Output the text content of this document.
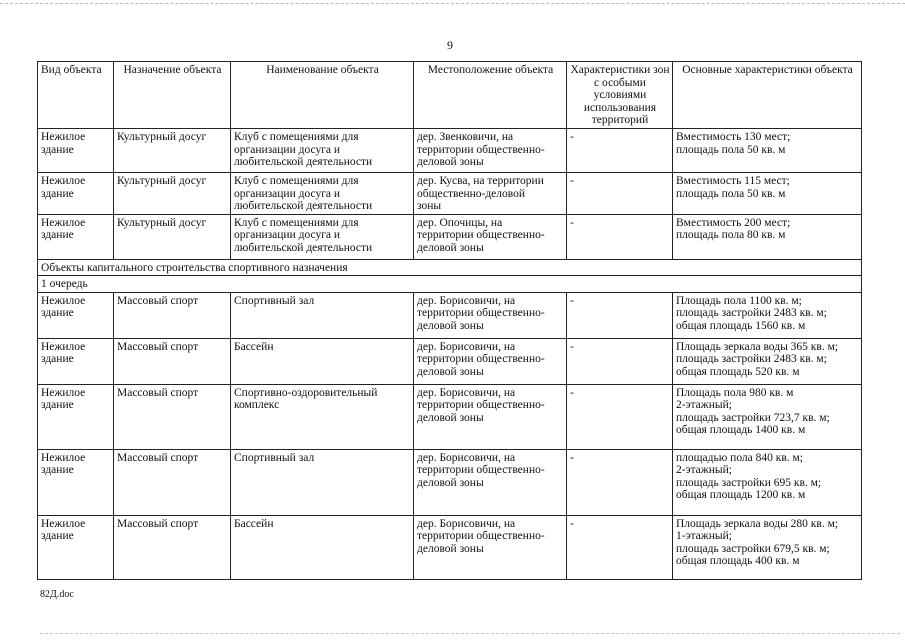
9
Вид объекта	Назначение объекта	Наименование объекта	Местоположение объекта	Характеристики зон с особыми условиями использования территорий	Основные характеристики объекта

Нежилое
здание	Культурный досуг	Клуб с помещениями для
организации досуга и
любительской деятельности	дер. Звенковичи, на
территории общественно-
деловой зоны	-	Вместимость 130 мест;
площадь пола 50 кв. м

Нежилое
здание	Культурный досуг	Клуб с помещениями для
организации досуга и
любительской деятельности	дер. Кусва, на территории
общественно-деловой
зоны	-	Вместимость 115 мест;
площадь пола 50 кв. м

Нежилое
здание	Культурный досуг	Клуб с помещениями для
организации досуга и
любительской деятельности	дер. Опочицы, на
территории общественно-
деловой зоны	-	Вместимость 200 мест;
площадь пола 80 кв. м

Объекты капитального строительства спортивного назначения					
1 очередь					

Нежилое
здание	Массовый спорт	Спортивный зал	дер. Борисовичи, на
территории общественно-
деловой зоны	-	Площадь пола 1100 кв. м;
площадь застройки 2483 кв. м;
общая площадь 1560 кв. м

Нежилое
здание	Массовый спорт	Бассейн	дер. Борисовичи, на
территории общественно-
деловой зоны	-	Площадь зеркала воды 365 кв. м;
площадь застройки 2483 кв. м;
общая площадь 520 кв. м

Нежилое
здание	Массовый спорт	Спортивно-оздоровительный
комплекс	дер. Борисовичи, на
территории общественно-
деловой зоны	-	Площадь пола 980 кв. м
2-этажный;
площадь застройки 723,7 кв. м;
общая площадь 1400 кв. м

Нежилое
здание	Массовый спорт	Спортивный зал	дер. Борисовичи, на
территории общественно-
деловой зоны	-	площадью пола 840 кв. м;
2-этажный;
площадь застройки 695 кв. м;
общая площадь 1200 кв. м

Нежилое
здание	Массовый спорт	Бассейн	дер. Борисовичи, на
территории общественно-
деловой зоны	-	Площадь зеркала воды 280 кв. м;
1-этажный;
площадь застройки 679,5 кв. м;
общая площадь 400 кв. м
82Д.doc
